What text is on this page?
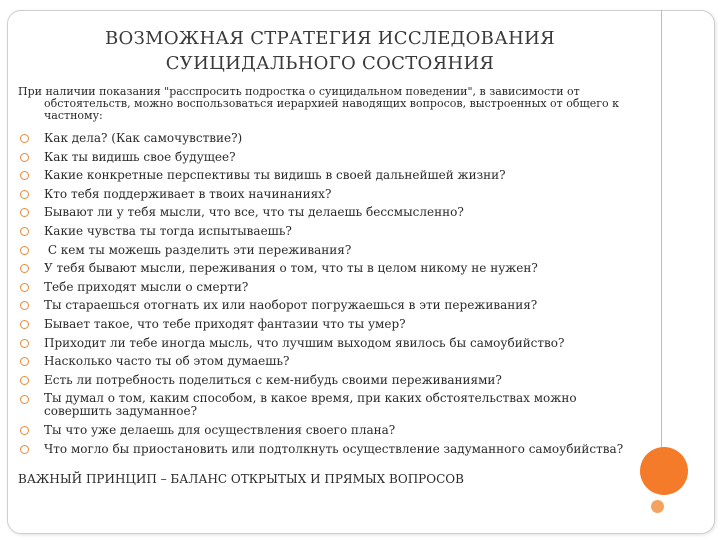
ВОЗМОЖНАЯ СТРАТЕГИЯ ИССЛЕДОВАНИЯ
СУИЦИДАЛЬНОГО СОСТОЯНИЯ
При наличии показания "расспросить подростка о суицидальном поведении", в зависимости от
обстоятельств, можно воспользоваться иерархией наводящих вопросов, выстроенных от общего к
частному:
Как дела? (Как самочувствие?)
Как ты видишь свое будущее?
Какие конкретные перспективы ты видишь в своей дальнейшей жизни?
Кто тебя поддерживает в твоих начинаниях?
Бывают ли у тебя мысли, что все, что ты делаешь бессмысленно?
Какие чувства ты тогда испытываешь?
С кем ты можешь разделить эти переживания?
У тебя бывают мысли, переживания о том, что ты в целом никому не нужен?
Тебе приходят мысли о смерти?
Ты стараешься отогнать их или наоборот погружаешься в эти переживания?
Бывает такое, что тебе приходят фантазии что ты умер?
Приходит ли тебе иногда мысль, что лучшим выходом явилось бы самоубийство?
Насколько часто ты об этом думаешь?
Есть ли потребность поделиться с кем-нибудь своими переживаниями?
Ты думал о том, каким способом, в какое время, при каких обстоятельствах можно
совершить задуманное?
Ты что уже делаешь для осуществления своего плана?
Что могло бы приостановить или подтолкнуть осуществление задуманного самоубийства?
ВАЖНЫЙ ПРИНЦИП – БАЛАНС ОТКРЫТЫХ И ПРЯМЫХ ВОПРОСОВ
